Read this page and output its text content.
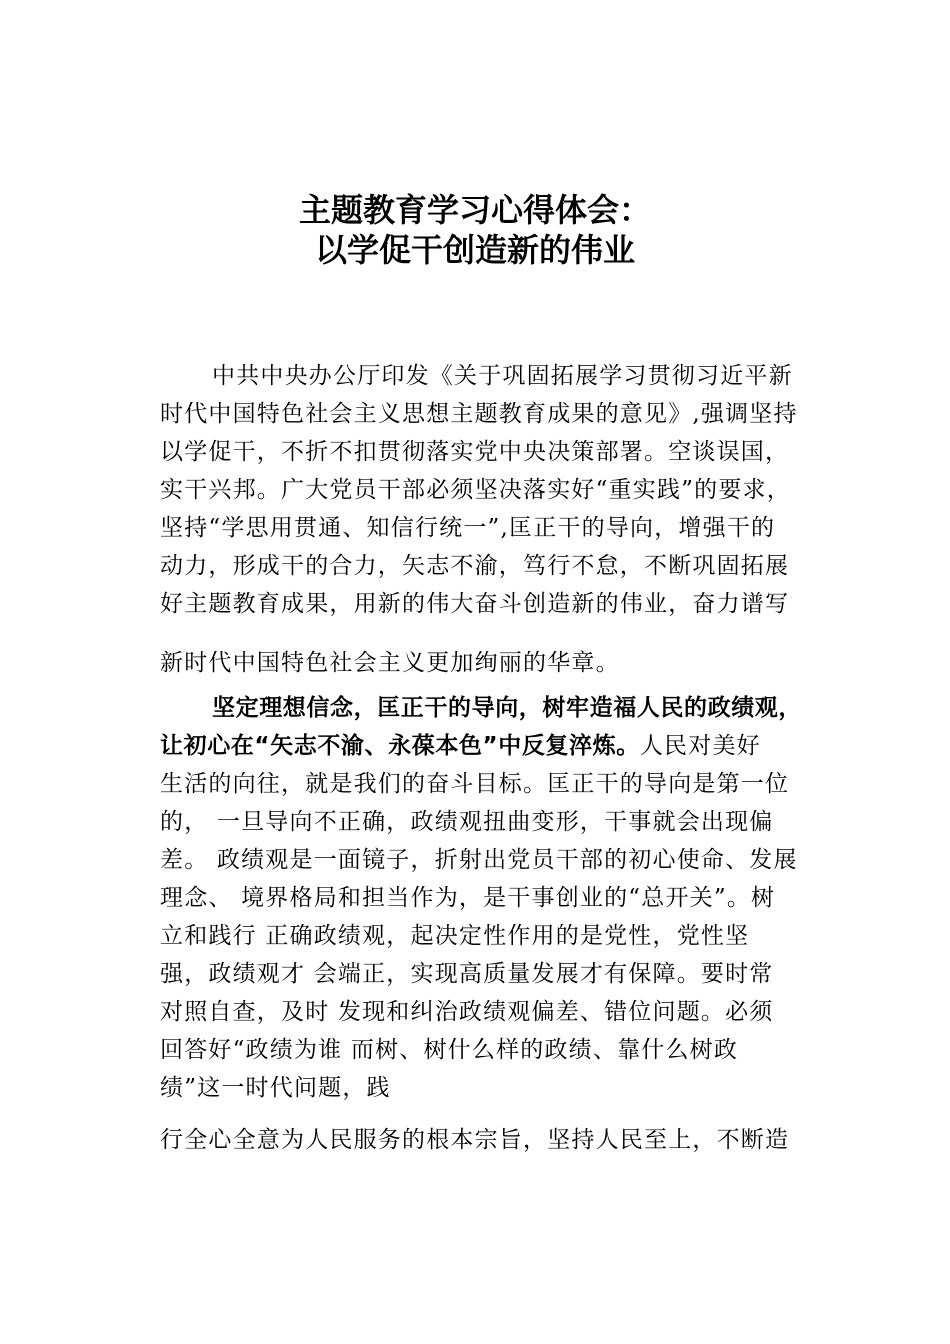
主题教育学习心得体会：
以学促干创造新的伟业
中共中央办公厅印发《关于巩固拓展学习贯彻习近平新
时代中国特色社会主义思想主题教育成果的意见》,强调坚持
以学促干，不折不扣贯彻落实党中央决策部署。空谈误国，
实干兴邦。广大党员干部必须坚决落实好“重实践”的要求，
坚持“学思用贯通、知信行统一”,匡正干的导向，增强干的
动力，形成干的合力，矢志不渝，笃行不怠，不断巩固拓展
好主题教育成果，用新的伟大奋斗创造新的伟业，奋力谱写
新时代中国特色社会主义更加绚丽的华章。
坚定理想信念，匡正干的导向，树牢造福人民的政绩观，
让初心在“矢志不渝、永葆本色”中反复淬炼。人民对美好
生活的向往，就是我们的奋斗目标。匡正干的导向是第一位
的， 一旦导向不正确，政绩观扭曲变形，干事就会出现偏
差。 政绩观是一面镜子，折射出党员干部的初心使命、发展
理念、 境界格局和担当作为，是干事创业的“总开关”。树
立和践行 正确政绩观，起决定性作用的是党性，党性坚
强，政绩观才 会端正，实现高质量发展才有保障。要时常
对照自查，及时 发现和纠治政绩观偏差、错位问题。必须
回答好“政绩为谁 而树、树什么样的政绩、靠什么树政
绩”这一时代问题，践
行全心全意为人民服务的根本宗旨，坚持人民至上，不断造
